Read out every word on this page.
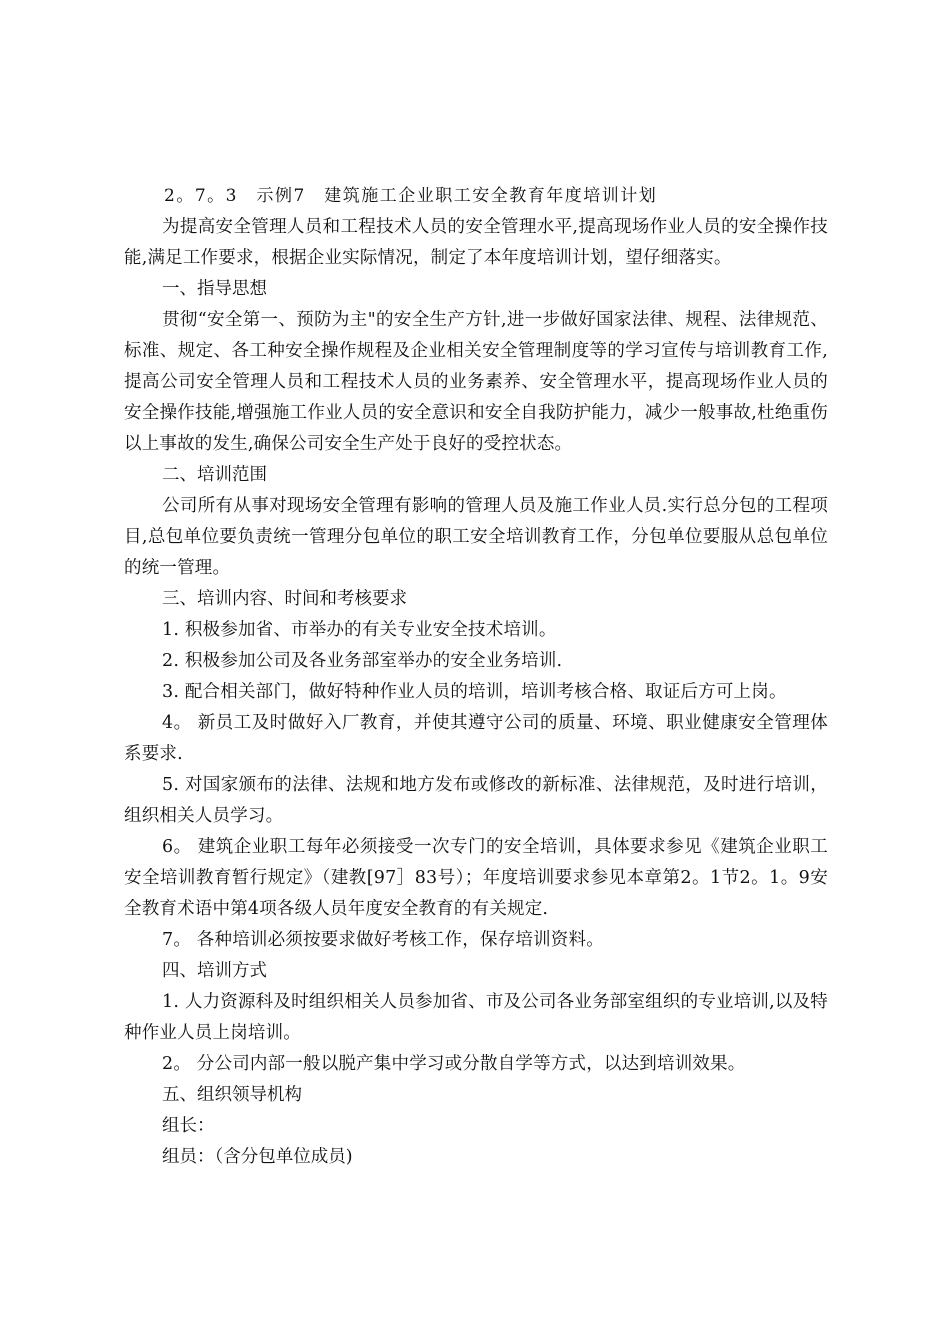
2。7。3　示例7　建筑施工企业职工安全教育年度培训计划

为提高安全管理人员和工程技术人员的安全管理水平,提高现场作业人员的安全操作技能,满足工作要求，根据企业实际情况，制定了本年度培训计划，望仔细落实。

一、指导思想

贯彻“安全第一、预防为主"的安全生产方针,进一步做好国家法律、规程、法律规范、标准、规定、各工种安全操作规程及企业相关安全管理制度等的学习宣传与培训教育工作,提高公司安全管理人员和工程技术人员的业务素养、安全管理水平，提高现场作业人员的安全操作技能,增强施工作业人员的安全意识和安全自我防护能力，减少一般事故,杜绝重伤以上事故的发生,确保公司安全生产处于良好的受控状态。

二、培训范围

公司所有从事对现场安全管理有影响的管理人员及施工作业人员.实行总分包的工程项目,总包单位要负责统一管理分包单位的职工安全培训教育工作，分包单位要服从总包单位的统一管理。

三、培训内容、时间和考核要求

1. 积极参加省、市举办的有关专业安全技术培训。

2. 积极参加公司及各业务部室举办的安全业务培训.

3. 配合相关部门，做好特种作业人员的培训，培训考核合格、取证后方可上岗。

4。 新员工及时做好入厂教育，并使其遵守公司的质量、环境、职业健康安全管理体系要求.

5. 对国家颁布的法律、法规和地方发布或修改的新标准、法律规范，及时进行培训，组织相关人员学习。

6。 建筑企业职工每年必须接受一次专门的安全培训，具体要求参见《建筑企业职工安全培训教育暂行规定》（建教[97］83号）；年度培训要求参见本章第2。1节2。1。9安全教育术语中第4项各级人员年度安全教育的有关规定.

7。 各种培训必须按要求做好考核工作，保存培训资料。

四、培训方式

1. 人力资源科及时组织相关人员参加省、市及公司各业务部室组织的专业培训,以及特种作业人员上岗培训。

2。 分公司内部一般以脱产集中学习或分散自学等方式，以达到培训效果。

五、组织领导机构

组长：

组员：（含分包单位成员)
